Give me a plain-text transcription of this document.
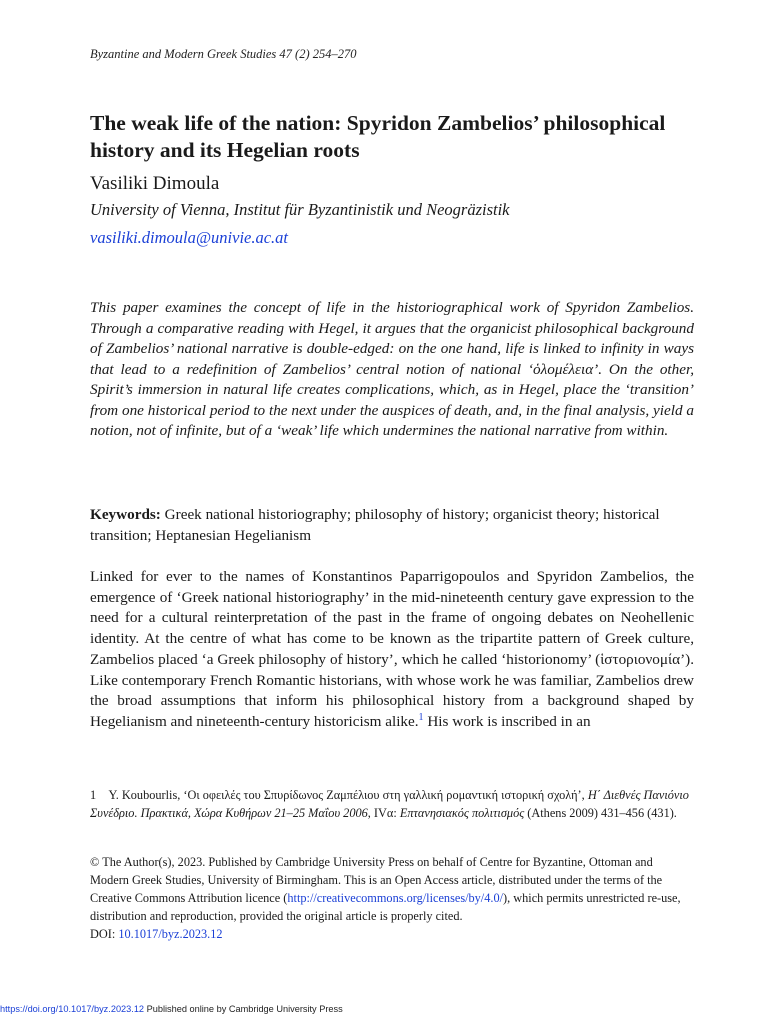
Byzantine and Modern Greek Studies 47 (2) 254–270
The weak life of the nation: Spyridon Zambelios’ philosophical history and its Hegelian roots
Vasiliki Dimoula
University of Vienna, Institut für Byzantinistik und Neogräzistik
vasiliki.dimoula@univie.ac.at

This paper examines the concept of life in the historiographical work of Spyridon Zambelios. Through a comparative reading with Hegel, it argues that the organicist philosophical background of Zambelios’ national narrative is double-edged: on the one hand, life is linked to infinity in ways that lead to a redefinition of Zambelios’ central notion of national ‘ὁλομέλεια’. On the other, Spirit’s immersion in natural life creates complications, which, as in Hegel, place the ‘transition’ from one historical period to the next under the auspices of death, and, in the final analysis, yield a notion, not of infinite, but of a ‘weak’ life which undermines the national narrative from within.

Keywords: Greek national historiography; philosophy of history; organicist theory; historical transition; Heptanesian Hegelianism

Linked for ever to the names of Konstantinos Paparrigopoulos and Spyridon Zambelios, the emergence of ‘Greek national historiography’ in the mid-nineteenth century gave expression to the need for a cultural reinterpretation of the past in the frame of ongoing debates on Neohellenic identity. At the centre of what has come to be known as the tripartite pattern of Greek culture, Zambelios placed ‘a Greek philosophy of history’, which he called ‘historionomy’ (ἱστοριονομία’). Like contemporary French Romantic historians, with whose work he was familiar, Zambelios drew the broad assumptions that inform his philosophical history from a background shaped by Hegelianism and nineteenth-century historicism alike.$^1$ His work is inscribed in an

1 Y. Koubourlis, ‘Οι οφειλές του Σπυρίδωνος Ζαμπέλιου στη γαλλική ρομαντική ιστορική σχολή’, Η΄ Διεθνές Πανιόνιο Συνέδριο. Πρακτικά, Χώρα Κυθήρων 21–25 Μαΐου 2006, IVα: Επτανησιακός πολιτισμός (Athens 2009) 431–456 (431).

© The Author(s), 2023. Published by Cambridge University Press on behalf of Centre for Byzantine, Ottoman and Modern Greek Studies, University of Birmingham. This is an Open Access article, distributed under the terms of the Creative Commons Attribution licence (http://creativecommons.org/licenses/by/4.0/), which permits unrestricted re-use, distribution and reproduction, provided the original article is properly cited.
DOI: 10.1017/byz.2023.12

https://doi.org/10.1017/byz.2023.12 Published online by Cambridge University Press
